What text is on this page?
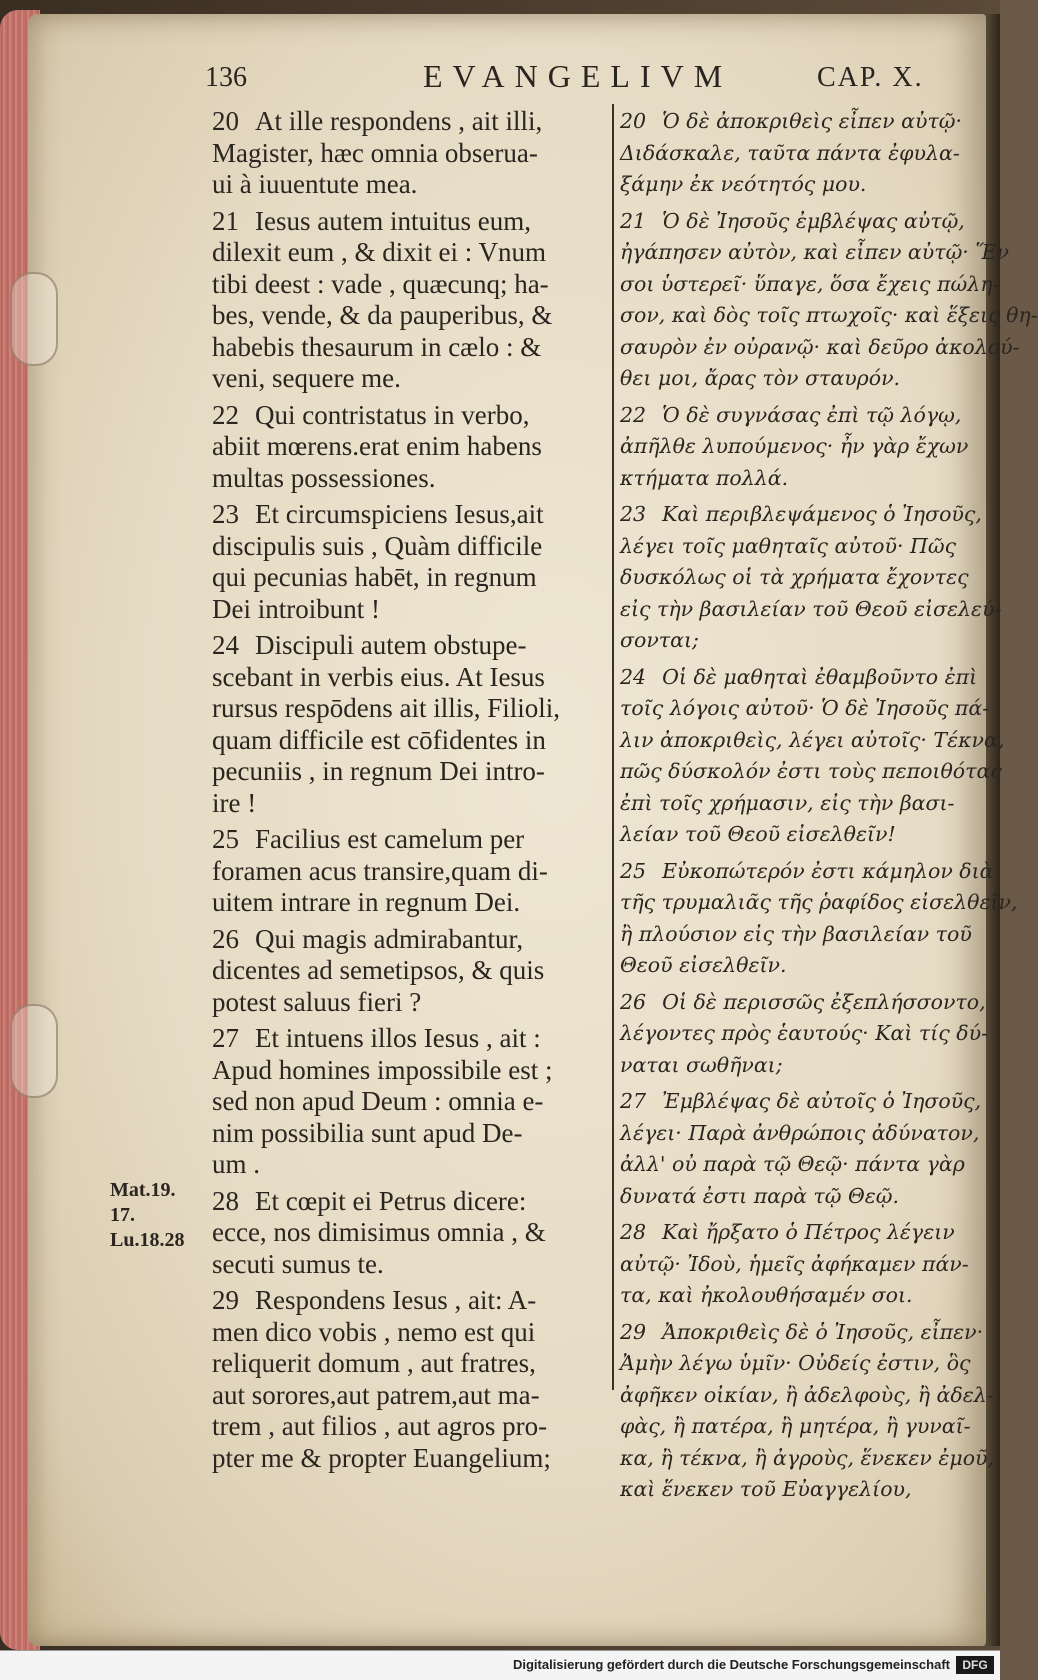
136	EVANGELIVM	CAP. X.
20 At ille respondens , ait illi,
Magister, hæc omnia obserua-
ui à iuuentute mea.
21 Iesus autem intuitus eum,
dilexit eum , & dixit ei : Vnum
tibi deest : vade , quæcunq; ha-
bes, vende, & da pauperibus, &
habebis thesaurum in cælo : &
veni, sequere me.
22 Qui contristatus in verbo,
abiit mœrens.erat enim habens
multas possessiones.
23 Et circumspiciens Iesus,ait
discipulis suis , Quàm difficile
qui pecunias habēt, in regnum
Dei introibunt !
24 Discipuli autem obstupe-
scebant in verbis eius. At Iesus
rursus respōdens ait illis, Filioli,
quam difficile est cōfidentes in
pecuniis , in regnum Dei intro-
ire !
25 Facilius est camelum per
foramen acus transire,quam di-
uitem intrare in regnum Dei.
26 Qui magis admirabantur,
dicentes ad semetipsos, & quis
potest saluus fieri ?
27 Et intuens illos Iesus , ait :
Apud homines impossibile est ;
sed non apud Deum : omnia e-
nim possibilia sunt apud De-
um .
28 Et cœpit ei Petrus dicere:
ecce, nos dimisimus omnia , &
secuti sumus te.
29 Respondens Iesus , ait: A-
men dico vobis , nemo est qui
reliquerit domum , aut fratres,
aut sorores,aut patrem,aut ma-
trem , aut filios , aut agros pro-
pter me & propter Euangelium;
20 Ὁ δὲ ἀποκριθεὶς εἶπεν αὐτῷ·
Διδάσκαλε, ταῦτα πάντα ἐφυλα-
ξάμην ἐκ νεότητός μου.
21 Ὁ δὲ Ἰησοῦς ἐμβλέψας αὐτῷ,
ἠγάπησεν αὐτὸν, καὶ εἶπεν αὐτῷ· Ἕν
σοι ὑστερεῖ· ὕπαγε, ὅσα ἔχεις πώλη-
σον, καὶ δὸς τοῖς πτωχοῖς· καὶ ἕξεις θη-
σαυρὸν ἐν οὐρανῷ· καὶ δεῦρο ἀκολού-
θει μοι, ἄρας τὸν σταυρόν.
22 Ὁ δὲ συγνάσας ἐπὶ τῷ λόγῳ,
ἀπῆλθε λυπούμενος· ἦν γὰρ ἔχων
κτήματα πολλά.
23 Καὶ περιβλεψάμενος ὁ Ἰησοῦς,
λέγει τοῖς μαθηταῖς αὐτοῦ· Πῶς
δυσκόλως οἱ τὰ χρήματα ἔχοντες
εἰς τὴν βασιλείαν τοῦ Θεοῦ εἰσελεύ-
σονται;
24 Οἱ δὲ μαθηταὶ ἐθαμβοῦντο ἐπὶ
τοῖς λόγοις αὐτοῦ· Ὁ δὲ Ἰησοῦς πά-
λιν ἀποκριθεὶς, λέγει αὐτοῖς· Τέκνα,
πῶς δύσκολόν ἐστι τοὺς πεποιθότας
ἐπὶ τοῖς χρήμασιν, εἰς τὴν βασι-
λείαν τοῦ Θεοῦ εἰσελθεῖν!
25 Εὐκοπώτερόν ἐστι κάμηλον διὰ
τῆς τρυμαλιᾶς τῆς ῥαφίδος εἰσελθεῖν,
ἢ πλούσιον εἰς τὴν βασιλείαν τοῦ
Θεοῦ εἰσελθεῖν.
26 Οἱ δὲ περισσῶς ἐξεπλήσσοντο,
λέγοντες πρὸς ἑαυτούς· Καὶ τίς δύ-
ναται σωθῆναι;
27 Ἐμβλέψας δὲ αὐτοῖς ὁ Ἰησοῦς,
λέγει· Παρὰ ἀνθρώποις ἀδύνατον,
ἀλλ' οὐ παρὰ τῷ Θεῷ· πάντα γὰρ
δυνατά ἐστι παρὰ τῷ Θεῷ.
28 Καὶ ἤρξατο ὁ Πέτρος λέγειν
αὐτῷ· Ἰδοὺ, ἡμεῖς ἀφήκαμεν πάν-
τα, καὶ ἠκολουθήσαμέν σοι.
29 Ἀποκριθεὶς δὲ ὁ Ἰησοῦς, εἶπεν·
Ἀμὴν λέγω ὑμῖν· Οὐδείς ἐστιν, ὃς
ἀφῆκεν οἰκίαν, ἢ ἀδελφοὺς, ἢ ἀδελ-
φὰς, ἢ πατέρα, ἢ μητέρα, ἢ γυναῖ-
κα, ἢ τέκνα, ἢ ἀγροὺς, ἕνεκεν ἐμοῦ,
καὶ ἕνεκεν τοῦ Εὐαγγελίου,
Mat.19.
17.
Lu.18.28
Digitalisierung gefördert durch die Deutsche Forschungsgemeinschaft	DFG
